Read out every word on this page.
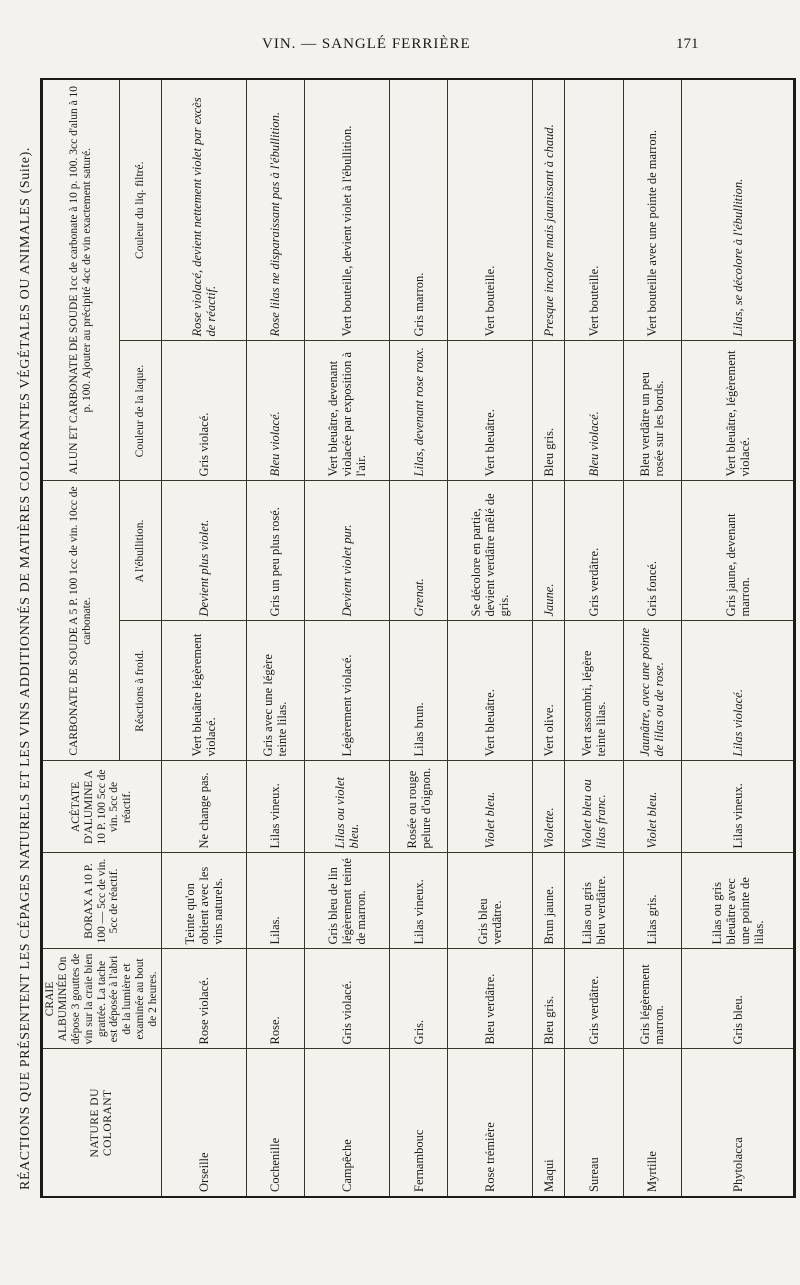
VIN. — SANGLÉ FERRIÈRE	171
RÉACTIONS QUE PRÉSENTENT LES CÉPAGES NATURELS ET LES VINS ADDITIONNÉS DE MATIÈRES COLORANTES VÉGÉTALES OU ANIMALES (Suite).	NATURE DU COLORANT	CRAIE ALBUMINÉE On dépose 3 gouttes de vin sur la craie bien grattée. La tache est déposée à l'abri de la lumière et examinée au bout de 2 heures.	BORAX A 10 P. 100 — 5cc de vin. 5cc de réactif.	ACÉTATE D'ALUMINE A 10 P. 100 5cc de vin. 5cc de réactif.	CARBONATE DE SOUDE A 5 P. 100 1cc de vin. 10cc de carbonate.		ALUN ET CARBONATE DE SOUDE 1cc de carbonate à 10 p. 100. 3cc d'alun à 10 p. 100. Ajouter au précipité 4cc de vin exactement saturé.	
				Réactions à froid.	A l'ébullition.	Couleur de la laque.	Couleur du liq. filtré.
Orseille	Rose violacé.	Teinte qu'on obtient avec les vins naturels.	Ne change pas.	Vert bleuâtre légèrement violacé.	Devient plus violet.	Gris violacé.	Rose violacé, devient nettement violet par excès de réactif.
Cochenille	Rose.	Lilas.	Lilas vineux.	Gris avec une légère teinte lilas.	Gris un peu plus rosé.	Bleu violacé.	Rose lilas ne disparaissant pas à l'ébullition.
Campêche	Gris violacé.	Gris bleu de lin légèrement teinté de marron.	Lilas ou violet bleu.	Légèrement violacé.	Devient violet pur.	Vert bleuâtre, devenant violacée par exposition à l'air.	Vert bouteille, devient violet à l'ébullition.
Fernambouc	Gris.	Lilas vineux.	Rosée ou rouge pelure d'oignon.	Lilas brun.	Grenat.	Lilas, devenant rose roux.	Gris marron.
Rose trémière	Bleu verdâtre.	Gris bleu verdâtre.	Violet bleu.	Vert bleuâtre.	Se décolore en partie, devient verdâtre mêlé de gris.	Vert bleuâtre.	Vert bouteille.
Maqui	Bleu gris.	Brun jaune.	Violette.	Vert olive.	Jaune.	Bleu gris.	Presque incolore mais jaunissant à chaud.
Sureau	Gris verdâtre.	Lilas ou gris bleu verdâtre.	Violet bleu ou lilas franc.	Vert assombri, légère teinte lilas.	Gris verdâtre.	Bleu violacé.	Vert bouteille.
Myrtille	Gris légèrement marron.	Lilas gris.	Violet bleu.	Jaunâtre, avec une pointe de lilas ou de rose.	Gris foncé.	Bleu verdâtre un peu rosée sur les bords.	Vert bouteille avec une pointe de marron.
Phytolacca	Gris bleu.	Lilas ou gris bleuâtre avec une pointe de lilas.	Lilas vineux.	Lilas violacé.	Gris jaune, devenant marron.	Vert bleuâtre, légèrement violacé.	Lilas, se décolore à l'ébullition.
